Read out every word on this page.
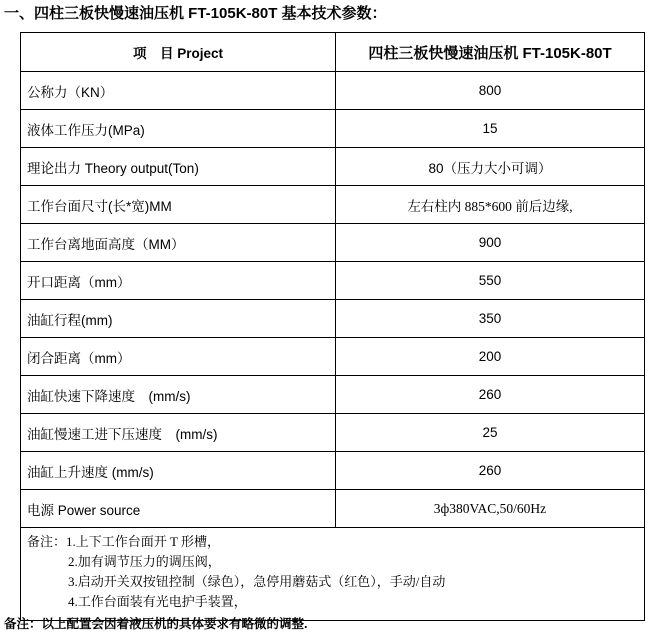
一、四柱三板快慢速油压机 FT-105K-80T 基本技术参数：
项　目 Project	四柱三板快慢速油压机 FT-105K-80T
公称力（KN）	800
液体工作压力(MPa)	15
理论出力 Theory output(Ton)	80（压力大小可调）
工作台面尺寸(长*宽)MM	左右柱内 885*600 前后边缘,
工作台离地面高度（MM）	900
开口距离（mm）	550
油缸行程(mm)	350
闭合距离（mm）	200
油缸快速下降速度　(mm/s)	260
油缸慢速工进下压速度　(mm/s)	25
油缸上升速度 (mm/s)	260
电源 Power source	3ф380VAC,50/60Hz

备注：1.上下工作台面开 T 形槽，
2.加有调节压力的调压阀，
3.启动开关双按钮控制（绿色），急停用蘑菇式（红色），手动/自动
4.工作台面装有光电护手装置，	
备注：以上配置会因着液压机的具体要求有略微的调整.
